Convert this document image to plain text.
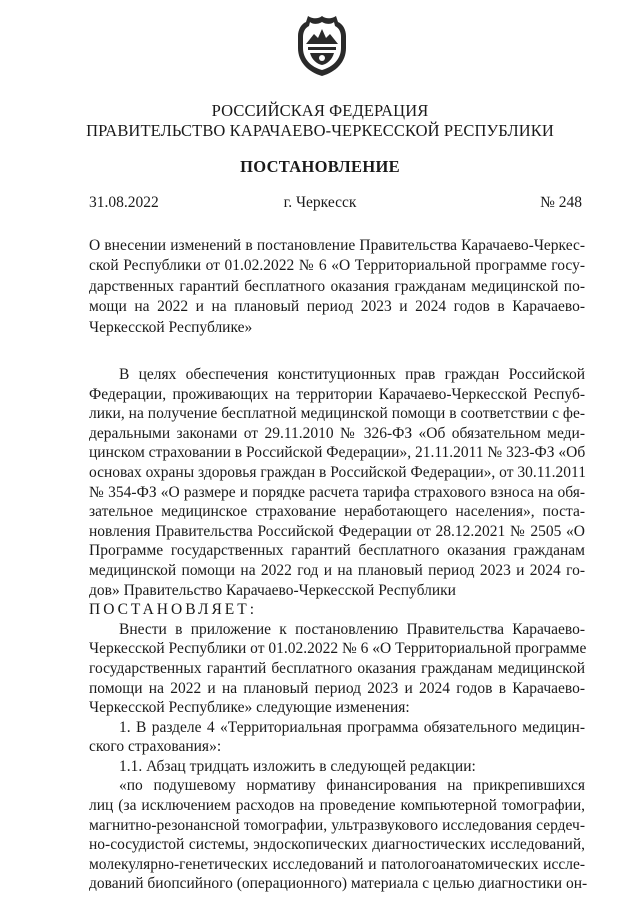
РОССИЙСКАЯ ФЕДЕРАЦИЯ
ПРАВИТЕЛЬСТВО КАРАЧАЕВО-ЧЕРКЕССКОЙ РЕСПУБЛИКИ
ПОСТАНОВЛЕНИЕ
31.08.2022	г. Черкесск	№ 248
О внесении изменений в постановление Правительства Карачаево-Черкес-
ской Республики от 01.02.2022 № 6 «О Территориальной программе госу-
дарственных гарантий бесплатного оказания гражданам медицинской по-
мощи на 2022 и на плановый период 2023 и 2024 годов в Карачаево-
Черкесской Республике»
В целях обеспечения конституционных прав граждан Российской
Федерации, проживающих на территории Карачаево-Черкесской Респуб-
лики, на получение бесплатной медицинской помощи в соответствии с фе-
деральными законами от 29.11.2010 № 326-ФЗ «Об обязательном меди-
цинском страховании в Российской Федерации», 21.11.2011 № 323-ФЗ «Об
основах охраны здоровья граждан в Российской Федерации», от 30.11.2011
№ 354-ФЗ «О размере и порядке расчета тарифа страхового взноса на обя-
зательное медицинское страхование неработающего населения», поста-
новления Правительства Российской Федерации от 28.12.2021 № 2505 «О
Программе государственных гарантий бесплатного оказания гражданам
медицинской помощи на 2022 год и на плановый период 2023 и 2024 го-
дов» Правительство Карачаево-Черкесской Республики
ПОСТАНОВЛЯЕТ:
Внести в приложение к постановлению Правительства Карачаево-
Черкесской Республики от 01.02.2022 № 6 «О Территориальной программе
государственных гарантий бесплатного оказания гражданам медицинской
помощи на 2022 и на плановый период 2023 и 2024 годов в Карачаево-
Черкесской Республике» следующие изменения:
1. В разделе 4 «Территориальная программа обязательного медицин-
ского страхования»:
1.1. Абзац тридцать изложить в следующей редакции:
«по подушевому нормативу финансирования на прикрепившихся
лиц (за исключением расходов на проведение компьютерной томографии,
магнитно-резонансной томографии, ультразвукового исследования сердеч-
но-сосудистой системы, эндоскопических диагностических исследований,
молекулярно-генетических исследований и патологоанатомических иссле-
дований биопсийного (операционного) материала с целью диагностики он-
